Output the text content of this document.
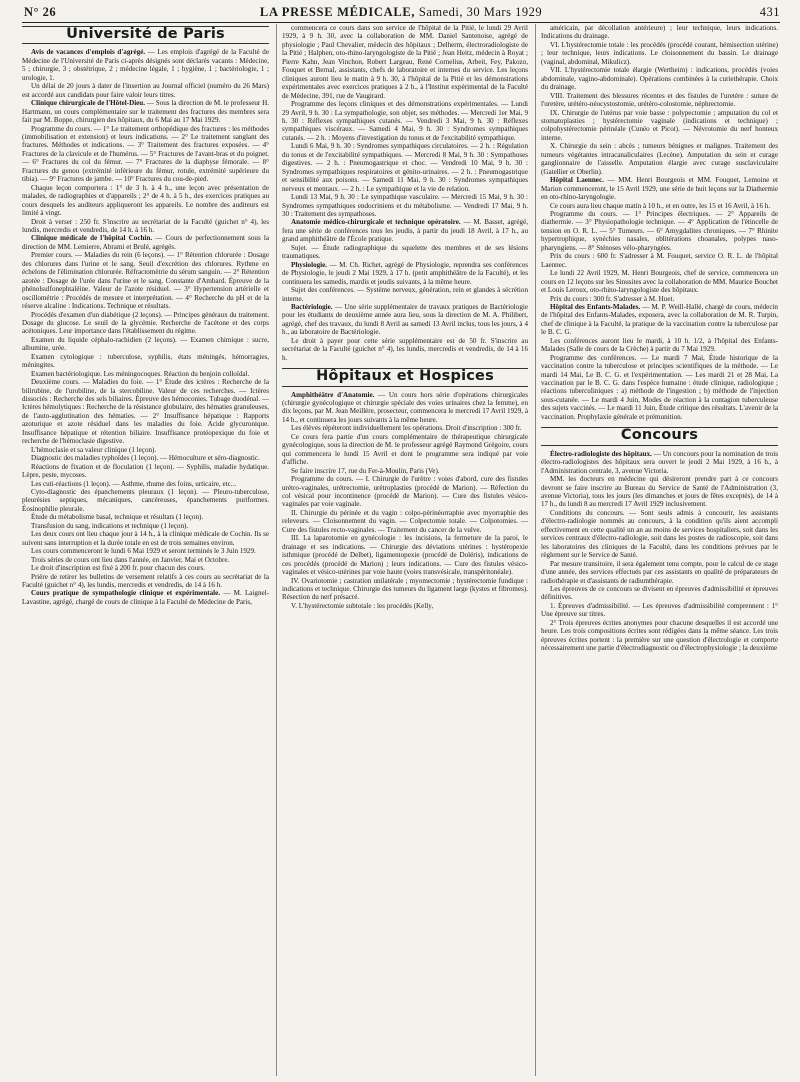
N° 26	LA PRESSE MÉDICALE, Samedi, 30 Mars 1929	431
Université de Paris

Avis de vacances d'emplois d'agrégé. — Les emplois d'agrégé de la Faculté de Médecine de l'Université de Paris ci-après désignés sont déclarés vacants : Médecine, 5 ; chirurgie, 3 ; obstétrique, 2 ; médecine légale, 1 ; hygiène, 1 ; bactériologie, 1 ; urologie, 1.

Un délai de 20 jours à dater de l'insertion au Journal officiel (numéro du 26 Mars) est accordé aux candidats pour faire valoir leurs titres.

Clinique chirurgicale de l'Hôtel-Dieu. — Sous la direction de M. le professeur H. Hartmann, un cours complémentaire sur le traitement des fractures des membres sera fait par M. Boppe, chirurgien des hôpitaux, du 6 Mai au 17 Mai 1929.

Programme du cours. — 1° Le traitement orthopédique des fractures : les méthodes (immobilisation et extension) et leurs indications. — 2° Le traitement sanglant des fractures. Méthodes et indications. — 3° Traitement des fractures exposées. — 4° Fractures de la clavicule et de l'humérus. — 5° Fractures de l'avant-bras et du poignet. — 6° Fractures du col du fémur. — 7° Fractures de la diaphyse fémorale. — 8° Fractures du genou (extrémité inférieure du fémur, rotule, extrémité supérieure du tibia). — 9° Fractures de jambe. — 10° Fractures du cou-de-pied.

Chaque leçon comportera : 1° de 3 h. à 4 h., une leçon avec présentation de malades, de radiographies et d'appareils ; 2° de 4 h. à 5 h., des exercices pratiques au cours desquels les auditeurs appliqueront les appareils. Le nombre des auditeurs est limité à vingt.

Droit à verser : 250 fr. S'inscrire au secrétariat de la Faculté (guichet n° 4), les lundis, mercredis et vendredis, de 14 h. à 16 h.

Clinique médicale de l'hôpital Cochin. — Cours de perfectionnement sous la direction de MM. Lemierre, Abrami et Brulé, agrégés.

Premier cours. — Maladies du rein (6 leçons). — 1° Rétention chlorurée : Dosage des chlorures dans l'urine et le sang. Seuil d'excrétion des chlorures. Rythme en échelons de l'élimination chlorurée. Réfractomètrie du sérum sanguin. — 2° Rétention azotée : Dosage de l'urée dans l'urine et le sang. Constante d'Ambard. Épreuve de la phénolsulfonephtaléine. Valeur de l'azote résiduel. — 3° Hypertension artérielle et oscillométrie : Procédés de mesure et interprétation. — 4° Recherche du pH et de la réserve alcaline : Indications. Technique et résultats.

Procédés d'examen d'un diabétique (2 leçons). — Principes généraux du traitement. Dosage du glucose. Le seuil de la glycémie. Recherche de l'acétone et des corps acétoniques. Leur importance dans l'établissement du régime.

Examen du liquide céphalo-rachidien (2 leçons). — Examen chimique : sucre, albumine, urée.

Examen cytologique : tuberculose, syphilis, états méningés, hémorragies, méningites.

Examen bactériologique. Les méningocoques. Réaction du benjoin colloïdal.

Deuxième cours. — Maladies du foie. — 1° Étude des ictères : Recherche de la bilirubine, de l'urobiline, de la stercobiline. Valeur de ces recherches. — Ictères dissociés : Recherche des sels biliaires. Épreuve des hémoconies. Tubage duodénal. — Ictères hémolytiques : Recherche de la résistance globulaire, des hématies granuleuses, de l'auto-agglutination des hématies. — 2° Insuffisance hépatique : Rapports azoturique et azote résiduel dans les maladies du foie. Acide glycuronique. Insuffisance hépatique et rétention biliaire. Insuffisance protéopexique du foie et recherche de l'hémoclasie digestive.

L'hémoclasie et sa valeur clinique (1 leçon).

Diagnostic des maladies typhoïdes (1 leçon). — Hémoculture et séro-diagnostic.

Réactions de fixation et de floculation (1 leçon). — Syphilis, maladie hydatique. Lèpre, peste, mycoses.

Les cuti-réactions (1 leçon). — Asthme, rhume des foins, urticaire, etc...

Cyto-diagnostic des épanchements pleuraux (1 leçon). — Pleuro-tuberculose, pleurésies septiques, mécaniques, cancéreuses, épanchements puriformes. Éosinophilie pleurale.

Étude du métabolisme basal, technique et résultats (1 leçon).

Transfusion du sang, indications et technique (1 leçon).

Les deux cours ont lieu chaque jour à 14 h., à la clinique médicale de Cochin. Ils se suivent sans interruption et la durée totale en est de trois semaines environ.

Les cours commenceront le lundi 6 Mai 1929 et seront terminés le 3 Juin 1929.

Trois séries de cours ont lieu dans l'année, en Janvier, Mai et Octobre.

Le droit d'inscription est fixé à 200 fr. pour chacun des cours.

Prière de retirer les bulletins de versement relatifs à ces cours au secrétariat de la Faculté (guichet n° 4), les lundis, mercredis et vendredis, de 14 à 16 h.

Cours pratique de sympathologie clinique et expérimentale. — M. Laignel-Lavastine, agrégé, chargé de cours de clinique à la Faculté de Médecine de Paris,

commencera ce cours dans son service de l'hôpital de la Pitié, le lundi 29 Avril 1929, à 9 h. 30, avec la collaboration de MM. Daniel Santenoise, agrégé de physiologie ; Paul Chevalier, médecin des hôpitaux ; Delherm, électroradiologiste de la Pitié ; Halphen, oto-rhino-laryngologiste de la Pitié ; Jean Heitz, médecin à Royat ; Pierre Kahn, Jean Vinchon, Robert Largeau, René Cornelius, Arbeit, Fey, Pakozo, Fouquet et Bernal, assistants, chefs de laboratoire et internes du service. Les leçons cliniques auront lieu le matin à 9 h. 30, à l'hôpital de la Pitié et les démonstrations expérimentales avec exercices pratiques à 2 h., à l'Institut expérimental de la Faculté de Médecine, 391, rue de Vaugirard.

Programme des leçons cliniques et des démonstrations expérimentales. — Lundi 29 Avril, 9 h. 30 : La sympathologie, son objet, ses méthodes. — Mercredi 1er Mai, 9 h. 30 : Réflexes sympathiques cutanés. — Vendredi 3 Mai, 9 h. 30 : Réflexes sympathiques viscéraux. — Samedi 4 Mai, 9 h. 30 : Syndromes sympathiques cutanés. — 2 h. : Moyens d'investigation du tonus et de l'excitabilité sympathique.

Lundi 6 Mai, 9 h. 30 : Syndromes sympathiques circulatoires. — 2 h. : Régulation du tonus et de l'excitabilité sympathiques. — Mercredi 8 Mai, 9 h. 30 : Sympathoses digestives. — 2 h. : Pneumogastrique et choc. — Vendredi 10 Mai, 9 h. 30 : Syndromes sympathiques respiratoires et génito-urinaires. — 2 h. : Pneumogastrique et sensibilité aux poisons. — Samedi 11 Mai, 9 h. 30 : Syndromes sympathiques nerveux et mentaux. — 2 h. : Le sympathique et la vie de relation.

Lundi 13 Mai, 9 h. 30 : Le sympathique vasculaire. — Mercredi 15 Mai, 9 h. 30 : Syndromes sympathiques endocriniens et du métabolisme. — Vendredi 17 Mai, 9 h. 30 : Traitement des sympathoses.

Anatomie médico-chirurgicale et technique opératoire. — M. Basset, agrégé, fera une série de conférences tous les jeudis, à partir du jeudi 18 Avril, à 17 h., au grand amphithéâtre de l'École pratique.

Sujet. — Étude radiographique du squelette des membres et de ses lésions traumatiques.

Physiologie. — M. Ch. Richet, agrégé de Physiologie, reprendra ses conférences de Physiologie, le jeudi 2 Mai 1929, à 17 h. (petit amphithéâtre de la Faculté), et les continuera les samedis, mardis et jeudis suivants, à la même heure.

Sujet des conférences. — Système nerveux, génération, rein et glandes à sécrétion interne.

Bactériologie. — Une série supplémentaire de travaux pratiques de Bactériologie pour les étudiants de deuxième année aura lieu, sous la direction de M. A. Philibert, agrégé, chef des travaux, du lundi 8 Avril au samedi 13 Avril inclus, tous les jours, à 4 h., au laboratoire de Bactériologie.

Le droit à payer pour cette série supplémentaire est de 50 fr. S'inscrire au secrétariat de la Faculté (guichet n° 4), les lundis, mercredis et vendredis, de 14 à 16 h.

Hôpitaux et Hospices

Amphithéâtre d'Anatomie. — Un cours hors série d'opérations chirurgicales (chirurgie gynécologique et chirurgie spéciale des voies urinaires chez la femme), en dix leçons, par M. Jean Meillère, prosecteur, commencera le mercredi 17 Avril 1929, à 14 h., et continuera les jours suivants à la même heure.

Les élèves répéteront individuellement les opérations. Droit d'inscription : 300 fr.

Ce cours fera partie d'un cours complémentaire de thérapeutique chirurgicale gynécologique, sous la direction de M. le professeur agrégé Raymond Grégoire, cours qui commencera le lundi 15 Avril et dont le programme sera indiqué par voie d'affiche.

Se faire inscrire 17, rue du Fer-à-Moulin, Paris (Ve).

Programme du cours. — I. Chirurgie de l'urètre : voies d'abord, cure des fistules urétro-vaginales, urétrectomie, urétroplasties (procédé de Marion). — Réfection du col vésical pour incontinence (procédé de Marion). — Cure des fistules vésico-vaginales par voie vaginale.

II. Chirurgie du périnée et du vagin : colpo-périnéorraphie avec myorraphie des releveurs. — Cloisonnement du vagin. — Colpectomie totale. — Colpotomies. — Cure des fistules recto-vaginales. — Traitement du cancer de la vulve.

III. La laparotomie en gynécologie : les incisions, la fermeture de la paroi, le drainage et ses indications. — Chirurgie des déviations utérines : hystéropexie isthmique (procédé de Delbet), ligamentopexie (procédé de Doléris), indications de ces procédés (procédé de Marion) ; leurs indications. — Cure des fistules vésico-vaginales et vésico-utérines par voie haute (voies transvésicale, transpéritonéale).

IV. Ovariotomie ; castration unilatérale ; myomectomie ; hystérectomie fundique : indications et technique. Chirurgie des tumeurs du ligament large (kystes et fibromes). Résection du nerf présacré.

V. L'hystérectomie subtotale : les procédés (Kelly,

américain, par décollation antérieure) ; leur technique, leurs indications. Indications du drainage.

VI. L'hystérectomie totale : les procédés (procédé courant, hémisection utérine) ; leur technique, leurs indications. Le cloisonnement du bassin. Le drainage (vaginal, abdominal, Mikulicz).

VII. L'hystérectomie totale élargie (Wertheim) : indications, procédés (voies abdominale, vagino-abdominale). Opérations combinées à la curiethérapie. Choix du drainage.

VIII. Traitement des blessures récentes et des fistules de l'uretère : suture de l'uretère, urétéro-néocystostomie, urétéro-colostomie, néphrectomie.

IX. Chirurgie de l'utérus par voie basse : polypectomie ; amputation du col et stomatoplasties ; hystérectomie vaginale (indications et technique) ; colpohystérectomie périnéale (Cunéo et Picot). — Névrotomie du nerf honteux interne.

X. Chirurgie du sein : abcès ; tumeurs bénignes et malignes. Traitement des tumeurs végétantes intracanaliculaires (Lecène). Amputation du sein et curage ganglionnaire de l'aisselle. Amputation élargie avec curage susclaviculaire (Gatellier et Oberlin).

Hôpital Laennec. — MM. Henri Bourgeois et MM. Fouquet, Lemoine et Marion commenceront, le 15 Avril 1929, une série de huit leçons sur la Diathermie en oto-rhino-laryngologie.

Ce cours aura lieu chaque matin à 10 h., et en outre, les 15 et 16 Avril, à 16 h.

Programme du cours. — 1° Principes électriques. — 2° Appareils de diathermie. — 3° Physiopathologie technique. — 4° Application de l'étincelle de tension en O. R. L. — 5° Tumeurs. — 6° Amygdalites chroniques. — 7° Rhinite hypertrophique, synéchies nasales, oblitérations choanales, polypes naso-pharyngiens. — 8° Sténoses vélo-pharyngées.

Prix du cours : 600 fr. S'adresser à M. Fouquet, service O. R. L. de l'hôpital Laennec.

Le lundi 22 Avril 1929, M. Henri Bourgeois, chef de service, commencera un cours en 12 leçons sur les Sinusites avec la collaboration de MM. Maurice Bouchet et Louis Leroux, oto-rhino-laryngologiste des hôpitaux.

Prix du cours : 300 fr. S'adresser à M. Huet.

Hôpital des Enfants-Malades. — M. P. Weill-Hallé, chargé de cours, médecin de l'hôpital des Enfants-Malades, exposera, avec la collaboration de M. R. Turpin, chef de clinique à la Faculté, la pratique de la vaccination contre la tuberculose par le B. C. G.

Les conférences auront lieu le mardi, à 10 h. 1/2, à l'hôpital des Enfants-Malades (Salle de cours de la Crèche) à partir du 7 Mai 1929.

Programme des conférences. — Le mardi 7 Mai, Étude historique de la vaccination contre la tuberculose et principes scientifiques de la méthode. — Le mardi 14 Mai, Le B. C. G. et l'expérimentation. — Les mardi 21 et 28 Mai, La vaccination par le B. C. G. dans l'espèce humaine : étude clinique, radiologique ; réactions tuberculiniques : a) méthode de l'ingestion ; b) méthode de l'injection sous-cutanée. — Le mardi 4 Juin, Modes de réaction à la contagion tuberculeuse des sujets vaccinés. — Le mardi 11 Juin, Étude critique des résultats. L'avenir de la vaccination. Prophylaxie générale et prémunition.

Concours

Électro-radiologiste des hôpitaux. — Un concours pour la nomination de trois électro-radiologistes des hôpitaux sera ouvert le jeudi 2 Mai 1929, à 16 h., à l'Administration centrale, 3, avenue Victoria.

MM. les docteurs en médecine qui désireront prendre part à ce concours devront se faire inscrire au Bureau du Service de Santé de l'Administration (3, avenue Victoria), tous les jours (les dimanches et jours de fêtes exceptés), de 14 à 17 h., du lundi 8 au mercredi 17 Avril 1929 inclusivement.

Conditions du concours. — Sont seuls admis à concourir, les assistants d'électro-radiologie nommés au concours, à la condition qu'ils aient accompli effectivement en cette qualité un an au moins de services hospitaliers, soit dans les services centraux d'électro-radiologie, soit dans les postes de radioscopie, soit dans les laboratoires des cliniques de la Faculté, dans les conditions prévues par le règlement sur le Service de Santé.

Par mesure transitoire, il sera également tenu compte, pour le calcul de ce stage d'une année, des services effectués par ces assistants en qualité de préparateurs de radiothérapie et d'assistants de radiumthérapie.

Les épreuves de ce concours se divisent en épreuves d'admissibilité et épreuves définitives.

1. Épreuves d'admissibilité. — Les épreuves d'admissibilité comprennent : 1° Une épreuve sur titres.

2° Trois épreuves écrites anonymes pour chacune desquelles il est accordé une heure. Les trois compositions écrites sont rédigées dans la même séance. Les trois épreuves écrites portent : la première sur une question d'électrologie et comporte nécessairement une partie d'électrodiagnostic ou d'électrophysiologie ; la deuxième
